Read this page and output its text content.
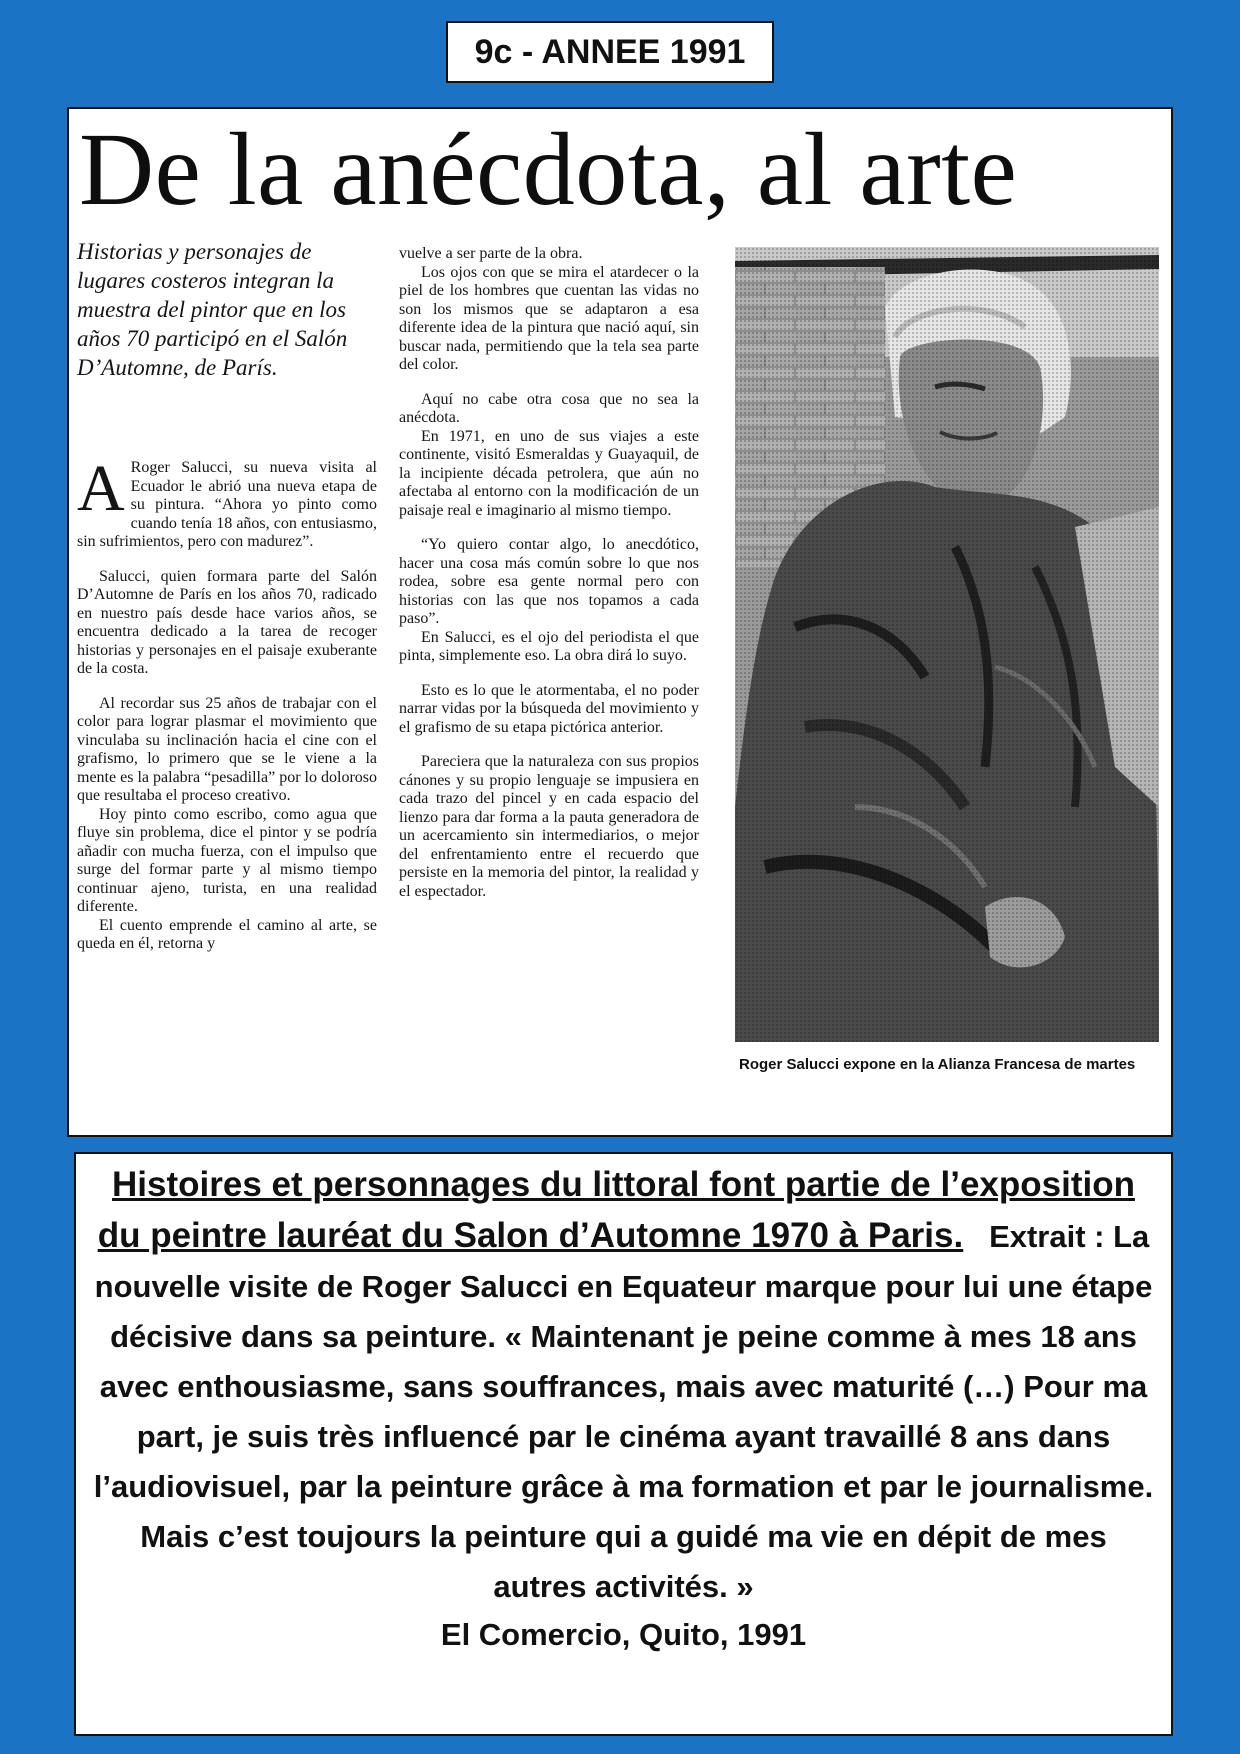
9c - ANNEE 1991
De la anécdota, al arte
Historias y personajes de lugares costeros integran la muestra del pintor que en los años 70 participó en el Salón D’Automne, de París.

A Roger Salucci, su nueva visita al Ecuador le abrió una nueva etapa de su pintura. “Ahora yo pinto como cuando tenía 18 años, con entusiasmo, sin sufrimientos, pero con madurez”.

Salucci, quien formara parte del Salón D’Automne de París en los años 70, radicado en nuestro país desde hace varios años, se encuentra dedicado a la tarea de recoger historias y personajes en el paisaje exuberante de la costa.

Al recordar sus 25 años de trabajar con el color para lograr plasmar el movimiento que vinculaba su inclinación hacia el cine con el grafismo, lo primero que se le viene a la mente es la palabra “pesadilla” por lo doloroso que resultaba el proceso creativo.

Hoy pinto como escribo, como agua que fluye sin problema, dice el pintor y se podría añadir con mucha fuerza, con el impulso que surge del formar parte y al mismo tiempo continuar ajeno, turista, en una realidad diferente.

El cuento emprende el camino al arte, se queda en él, retorna y

vuelve a ser parte de la obra.

Los ojos con que se mira el atardecer o la piel de los hombres que cuentan las vidas no son los mismos que se adaptaron a esa diferente idea de la pintura que nació aquí, sin buscar nada, permitiendo que la tela sea parte del color.

Aquí no cabe otra cosa que no sea la anécdota.

En 1971, en uno de sus viajes a este continente, visitó Esmeraldas y Guayaquil, de la incipiente década petrolera, que aún no afectaba al entorno con la modificación de un paisaje real e imaginario al mismo tiempo.

“Yo quiero contar algo, lo anecdótico, hacer una cosa más común sobre lo que nos rodea, sobre esa gente normal pero con historias con las que nos topamos a cada paso”.

En Salucci, es el ojo del periodista el que pinta, simplemente eso. La obra dirá lo suyo.

Esto es lo que le atormentaba, el no poder narrar vidas por la búsqueda del movimiento y el grafismo de su etapa pictórica anterior.

Pareciera que la naturaleza con sus propios cánones y su propio lenguaje se impusiera en cada trazo del pincel y en cada espacio del lienzo para dar forma a la pauta generadora de un acercamiento sin intermediarios, o mejor del enfrentamiento entre el recuerdo que persiste en la memoria del pintor, la realidad y el espectador.

Roger Salucci expone en la Alianza Francesa de martes

Histoires et personnages du littoral font partie de l’exposition du peintre lauréat du Salon d’Automne 1970 à Paris. Extrait : La nouvelle visite de Roger Salucci en Equateur marque pour lui une étape décisive dans sa peinture. « Maintenant je peine comme à mes 18 ans avec enthousiasme, sans souffrances, mais avec maturité (…) Pour ma part, je suis très influencé par le cinéma ayant travaillé 8 ans dans l’audiovisuel, par la peinture grâce à ma formation et par le journalisme. Mais c’est toujours la peinture qui a guidé ma vie en dépit de mes autres activités. »

El Comercio, Quito, 1991
